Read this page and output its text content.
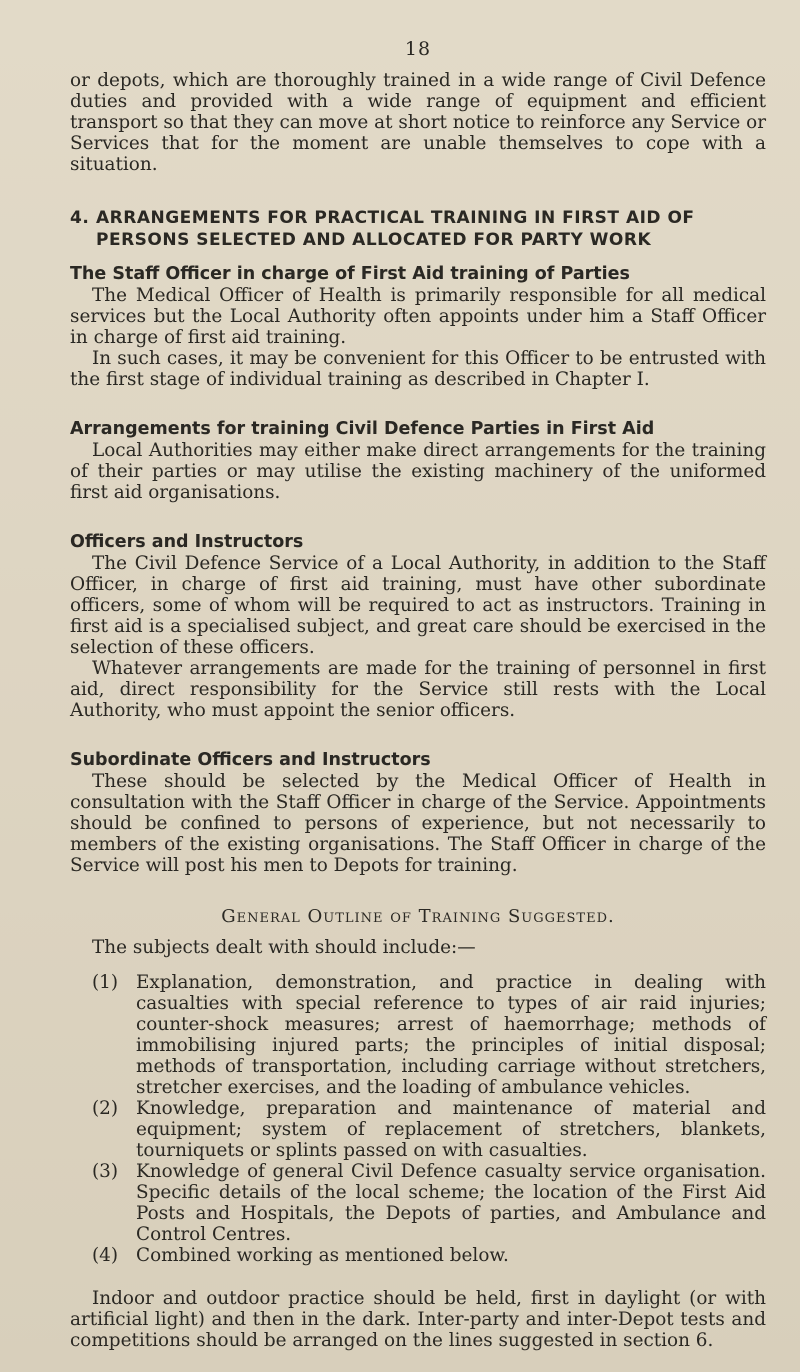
18

or depots, which are thoroughly trained in a wide range of Civil Defence duties and provided with a wide range of equipment and efficient transport so that they can move at short notice to reinforce any Service or Services that for the moment are unable themselves to cope with a situation.

4. ARRANGEMENTS FOR PRACTICAL TRAINING IN FIRST AID OF
PERSONS SELECTED AND ALLOCATED FOR PARTY WORK
The Staff Officer in charge of First Aid training of Parties

The Medical Officer of Health is primarily responsible for all medical services but the Local Authority often appoints under him a Staff Officer in charge of first aid training.

In such cases, it may be convenient for this Officer to be entrusted with the first stage of individual training as described in Chapter I.

Arrangements for training Civil Defence Parties in First Aid

Local Authorities may either make direct arrangements for the training of their parties or may utilise the existing machinery of the uniformed first aid organisations.

Officers and Instructors

The Civil Defence Service of a Local Authority, in addition to the Staff Officer, in charge of first aid training, must have other subordinate officers, some of whom will be required to act as instructors. Training in first aid is a specialised subject, and great care should be exercised in the selection of these officers.

Whatever arrangements are made for the training of personnel in first aid, direct responsibility for the Service still rests with the Local Authority, who must appoint the senior officers.

Subordinate Officers and Instructors

These should be selected by the Medical Officer of Health in consultation with the Staff Officer in charge of the Service. Appointments should be confined to persons of experience, but not necessarily to members of the existing organisations. The Staff Officer in charge of the Service will post his men to Depots for training.

General Outline of Training Suggested.

The subjects dealt with should include:—

(1) Explanation, demonstration, and practice in dealing with casualties with special reference to types of air raid injuries; counter-shock measures; arrest of haemorrhage; methods of immobilising injured parts; the principles of initial disposal; methods of transportation, including carriage without stretchers, stretcher exercises, and the loading of ambulance vehicles.
(2) Knowledge, preparation and maintenance of material and equipment; system of replacement of stretchers, blankets, tourniquets or splints passed on with casualties.
(3) Knowledge of general Civil Defence casualty service organisation. Specific details of the local scheme; the location of the First Aid Posts and Hospitals, the Depots of parties, and Ambulance and Control Centres.
(4) Combined working as mentioned below.

Indoor and outdoor practice should be held, first in daylight (or with artificial light) and then in the dark. Inter-party and inter-Depot tests and competitions should be arranged on the lines suggested in section 6.
